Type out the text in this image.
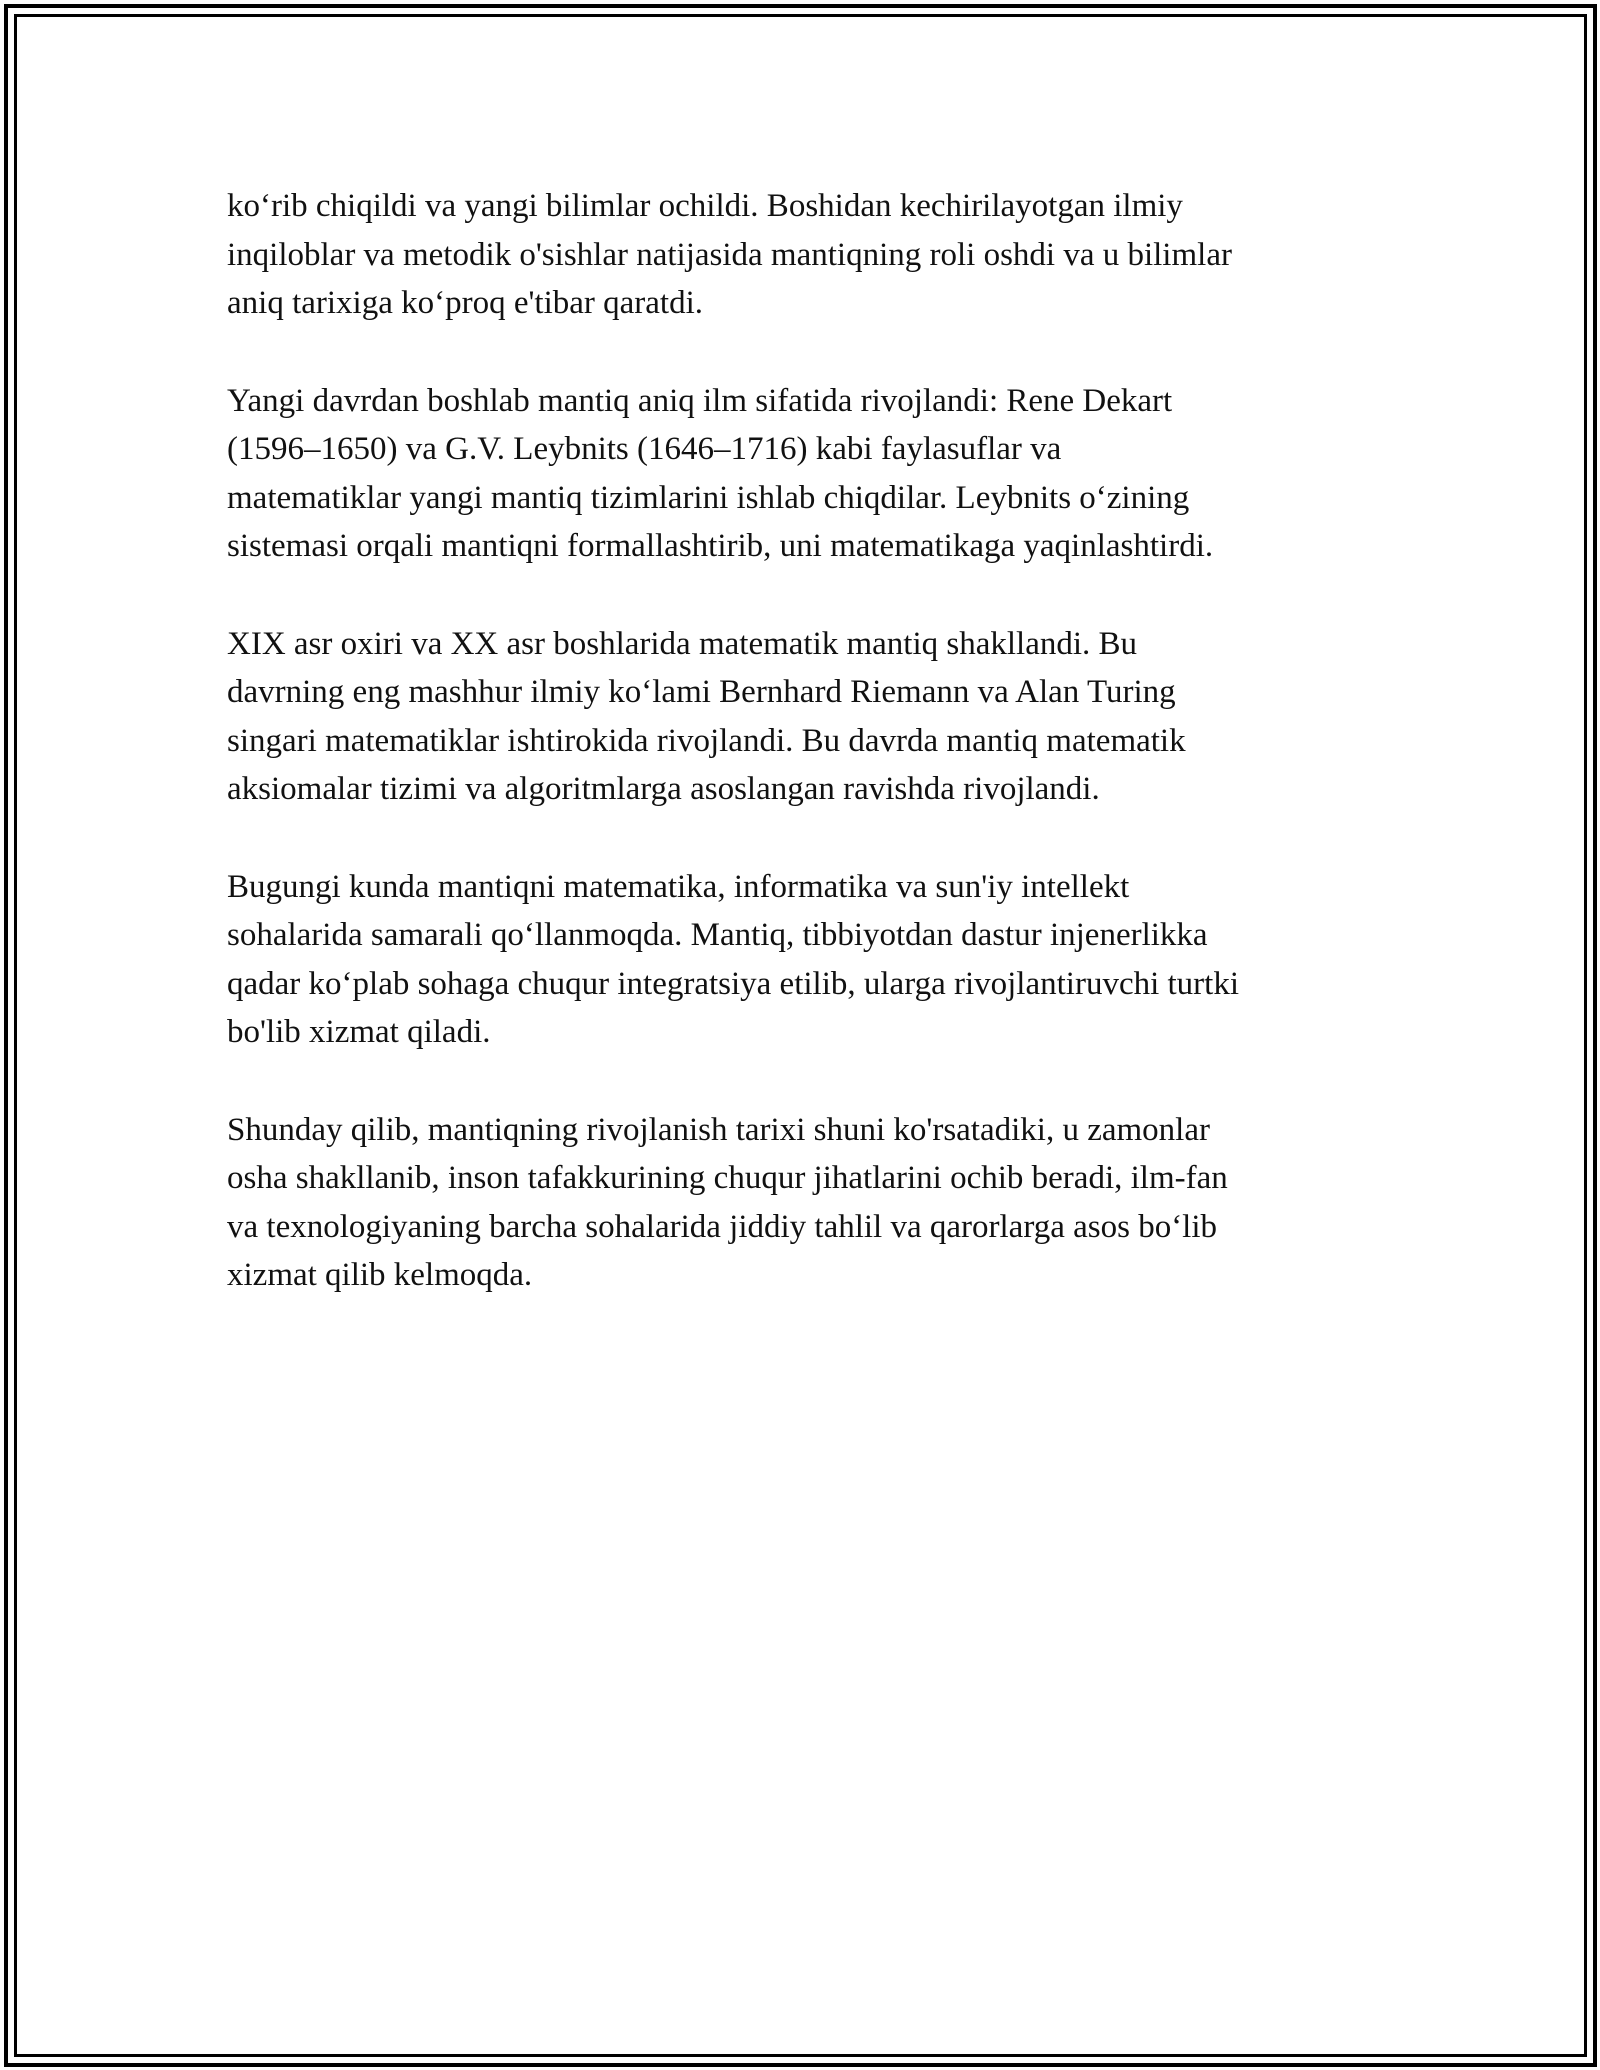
ko‘rib chiqildi va yangi bilimlar ochildi. Boshidan kechirilayotgan ilmiy
inqiloblar va metodik o'sishlar natijasida mantiqning roli oshdi va u bilimlar
aniq tarixiga ko‘proq e'tibar qaratdi.

Yangi davrdan boshlab mantiq aniq ilm sifatida rivojlandi: Rene Dekart
(1596–1650) va G.V. Leybnits (1646–1716) kabi faylasuflar va
matematiklar yangi mantiq tizimlarini ishlab chiqdilar. Leybnits o‘zining
sistemasi orqali mantiqni formallashtirib, uni matematikaga yaqinlashtirdi.

XIX asr oxiri va XX asr boshlarida matematik mantiq shakllandi. Bu
davrning eng mashhur ilmiy ko‘lami Bernhard Riemann va Alan Turing
singari matematiklar ishtirokida rivojlandi. Bu davrda mantiq matematik
aksiomalar tizimi va algoritmlarga asoslangan ravishda rivojlandi.

Bugungi kunda mantiqni matematika, informatika va sun'iy intellekt
sohalarida samarali qo‘llanmoqda. Mantiq, tibbiyotdan dastur injenerlikka
qadar ko‘plab sohaga chuqur integratsiya etilib, ularga rivojlantiruvchi turtki
bo'lib xizmat qiladi.

Shunday qilib, mantiqning rivojlanish tarixi shuni ko'rsatadiki, u zamonlar
osha shakllanib, inson tafakkurining chuqur jihatlarini ochib beradi, ilm-fan
va texnologiyaning barcha sohalarida jiddiy tahlil va qarorlarga asos bo‘lib
xizmat qilib kelmoqda.
